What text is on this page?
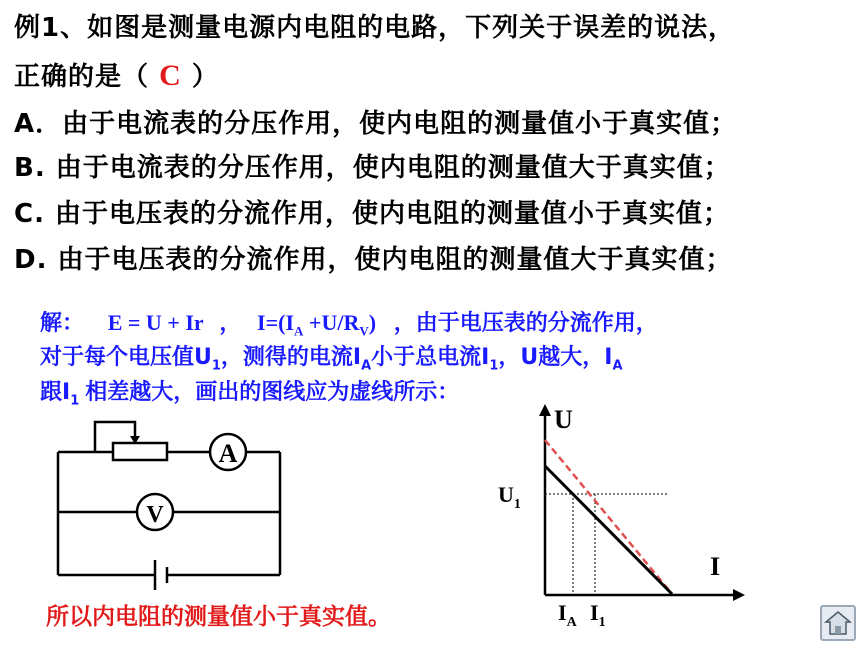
例1、如图是测量电源内电阻的电路，下列关于误差的说法，
正确的是（ C ）
A．由于电流表的分压作用，使内电阻的测量值小于真实值；
B. 由于电流表的分压作用，使内电阻的测量值大于真实值；
C. 由于电压表的分流作用，使内电阻的测量值小于真实值；
D. 由于电压表的分流作用，使内电阻的测量值大于真实值；
解： E = U + Ir ， $I=(I_A +U/R_V)$ ，由于电压表的分流作用，
对于每个电压值$U_1$，测得的电流$I_A$小于总电流$I_1$，U越大，$I_A$
跟$I_1$ 相差越大，画出的图线应为虚线所示：
A
V
U
I
$U_1$
$I_A$ $I_1$
所以内电阻的测量值小于真实值。
